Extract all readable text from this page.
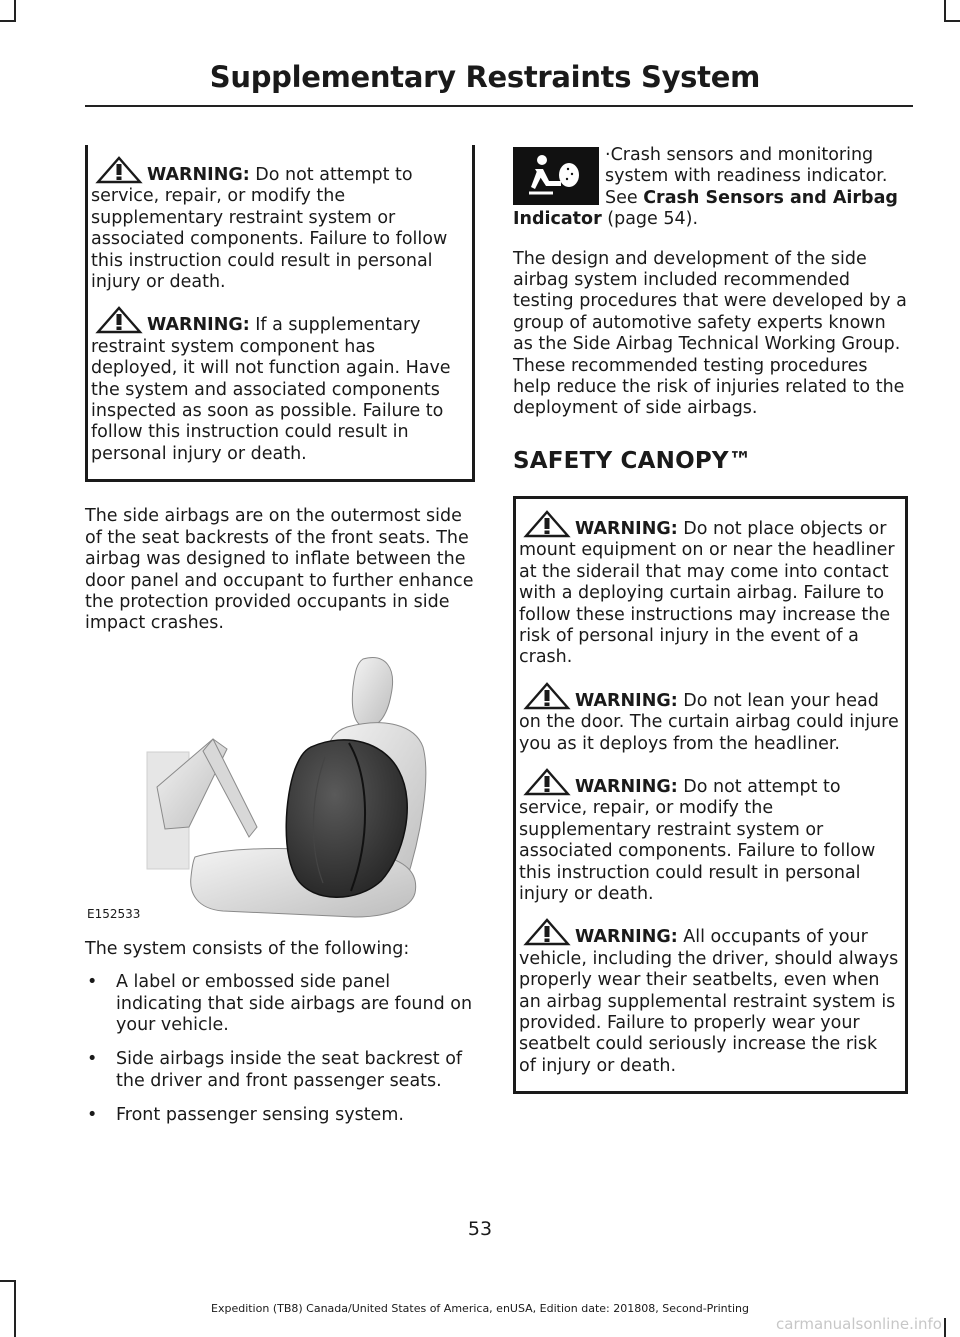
Supplementary Restraints System

WARNING: Do not attempt to service, repair, or modify the supplementary restraint system or associated components. Failure to follow this instruction could result in personal injury or death.

WARNING: If a supplementary restraint system component has deployed, it will not function again. Have the system and associated components inspected as soon as possible. Failure to follow this instruction could result in personal injury or death.

The side airbags are on the outermost side of the seat backrests of the front seats. The airbag was designed to inflate between the door panel and occupant to further enhance the protection provided occupants in side impact crashes.

E152533

The system consists of the following:

• A label or embossed side panel indicating that side airbags are found on your vehicle.
• Side airbags inside the seat backrest of the driver and front passenger seats.
• Front passenger sensing system.

·Crash sensors and monitoring system with readiness indicator. See Crash Sensors and Airbag Indicator (page 54).

The design and development of the side airbag system included recommended testing procedures that were developed by a group of automotive safety experts known as the Side Airbag Technical Working Group. These recommended testing procedures help reduce the risk of injuries related to the deployment of side airbags.

SAFETY CANOPY™

WARNING: Do not place objects or mount equipment on or near the headliner at the siderail that may come into contact with a deploying curtain airbag. Failure to follow these instructions may increase the risk of personal injury in the event of a crash.

WARNING: Do not lean your head on the door. The curtain airbag could injure you as it deploys from the headliner.

WARNING: Do not attempt to service, repair, or modify the supplementary restraint system or associated components. Failure to follow this instruction could result in personal injury or death.

WARNING: All occupants of your vehicle, including the driver, should always properly wear their seatbelts, even when an airbag supplemental restraint system is provided. Failure to properly wear your seatbelt could seriously increase the risk of injury or death.

53
Expedition (TB8) Canada/United States of America, enUSA, Edition date: 201808, Second-Printing
carmanualsonline.info
